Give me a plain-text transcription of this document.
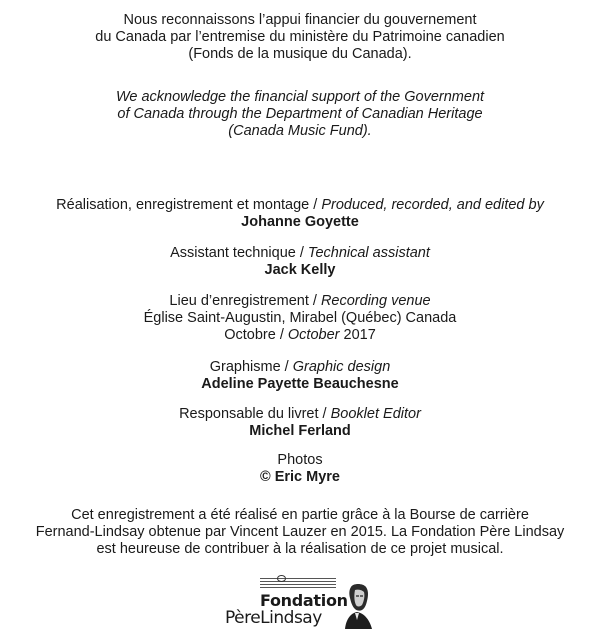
Nous reconnaissons l’appui financier du gouvernement
du Canada par l’entremise du ministère du Patrimoine canadien
(Fonds de la musique du Canada).
We acknowledge the financial support of the Government
of Canada through the Department of Canadian Heritage
(Canada Music Fund).
Réalisation, enregistrement et montage / Produced, recorded, and edited by
Johanne Goyette
Assistant technique / Technical assistant
Jack Kelly
Lieu d’enregistrement / Recording venue
Église Saint-Augustin, Mirabel (Québec) Canada
Octobre / October 2017
Graphisme / Graphic design
Adeline Payette Beauchesne
Responsable du livret / Booklet Editor
Michel Ferland
Photos
© Eric Myre
Cet enregistrement a été réalisé en partie grâce à la Bourse de carrière
Fernand-Lindsay obtenue par Vincent Lauzer en 2015. La Fondation Père Lindsay
est heureuse de contribuer à la réalisation de ce projet musical.
Fondation
PèreLindsay
